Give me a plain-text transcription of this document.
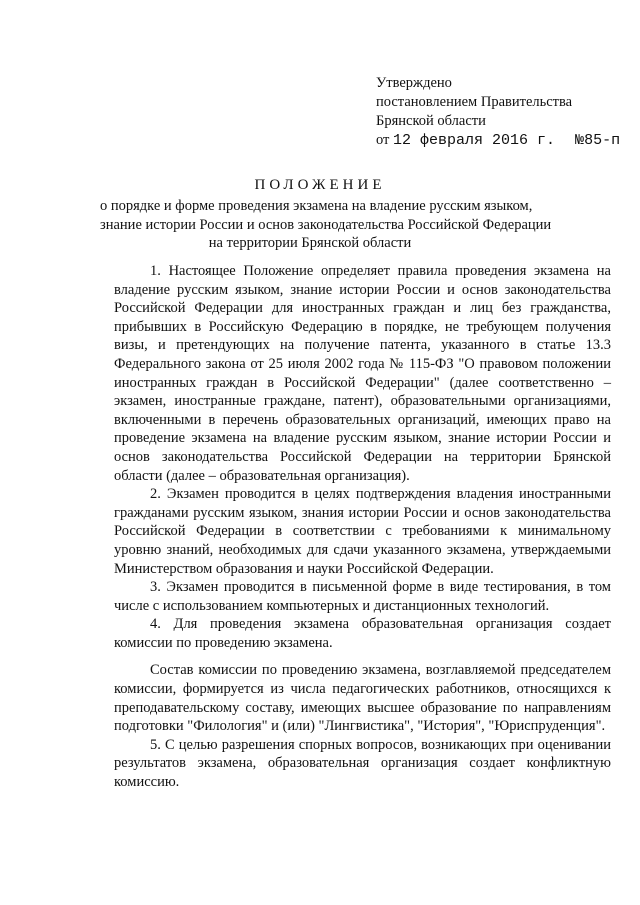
Утверждено
постановлением Правительства
Брянской области
от 12 февраля 2016 г. №85-п
ПОЛОЖЕНИЕ
о порядке и форме проведения экзамена на владение русским языком,
знание истории России и основ законодательства Российской Федерации
на территории Брянской области

1. Настоящее Положение определяет правила проведения экзамена на владение русским языком, знание истории России и основ законодательства Российской Федерации для иностранных граждан и лиц без гражданства, прибывших в Российскую Федерацию в порядке, не требующем получения визы, и претендующих на получение патента, указанного в статье 13.3 Федерального закона от 25 июля 2002 года № 115-ФЗ "О правовом положении иностранных граждан в Российской Федерации" (далее соответственно – экзамен, иностранные граждане, патент), образовательными организациями, включенными в перечень образовательных организаций, имеющих право на проведение экзамена на владение русским языком, знание истории России и основ законодательства Российской Федерации на территории Брянской области (далее – образовательная организация).

2. Экзамен проводится в целях подтверждения владения иностранными гражданами русским языком, знания истории России и основ законодательства Российской Федерации в соответствии с требованиями к минимальному уровню знаний, необходимых для сдачи указанного экзамена, утверждаемыми Министерством образования и науки Российской Федерации.

3. Экзамен проводится в письменной форме в виде тестирования, в том числе с использованием компьютерных и дистанционных технологий.

4. Для проведения экзамена образовательная организация создает комиссии по проведению экзамена.

Состав комиссии по проведению экзамена, возглавляемой председателем комиссии, формируется из числа педагогических работников, относящихся к преподавательскому составу, имеющих высшее образование по направлениям подготовки "Филология" и (или) "Лингвистика", "История", "Юриспруденция".

5. С целью разрешения спорных вопросов, возникающих при оценивании результатов экзамена, образовательная организация создает конфликтную комиссию.
